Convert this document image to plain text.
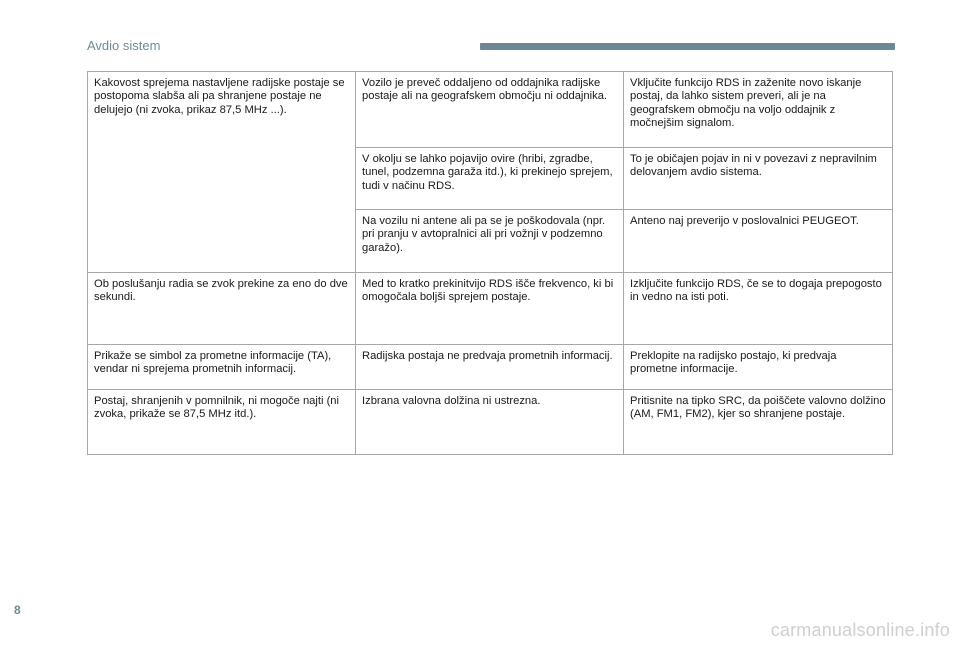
Avdio sistem
Kakovost sprejema nastavljene radijske postaje se postopoma slabša ali pa shranjene postaje ne delujejo (ni zvoka, prikaz 87,5 MHz ...).	Vozilo je preveč oddaljeno od oddajnika radijske postaje ali na geografskem območju ni oddajnika.	Vključite funkcijo RDS in zaženite novo iskanje postaj, da lahko sistem preveri, ali je na geografskem območju na voljo oddajnik z močnejšim signalom.
	V okolju se lahko pojavijo ovire (hribi, zgradbe, tunel, podzemna garaža itd.), ki prekinejo sprejem, tudi v načinu RDS.	To je običajen pojav in ni v povezavi z nepravilnim delovanjem avdio sistema.
	Na vozilu ni antene ali pa se je poškodovala (npr. pri pranju v avtopralnici ali pri vožnji v podzemno garažo).	Anteno naj preverijo v poslovalnici PEUGEOT.
Ob poslušanju radia se zvok prekine za eno do dve sekundi.	Med to kratko prekinitvijo RDS išče frekvenco, ki bi omogočala boljši sprejem postaje.	Izključite funkcijo RDS, če se to dogaja prepogosto in vedno na isti poti.
Prikaže se simbol za prometne informacije (TA), vendar ni sprejema prometnih informacij.	Radijska postaja ne predvaja prometnih informacij.	Preklopite na radijsko postajo, ki predvaja prometne informacije.
Postaj, shranjenih v pomnilnik, ni mogoče najti (ni zvoka, prikaže se 87,5 MHz itd.).	Izbrana valovna dolžina ni ustrezna.	Pritisnite na tipko SRC, da poiščete valovno dolžino (AM, FM1, FM2), kjer so shranjene postaje.
8
carmanualsonline.info
